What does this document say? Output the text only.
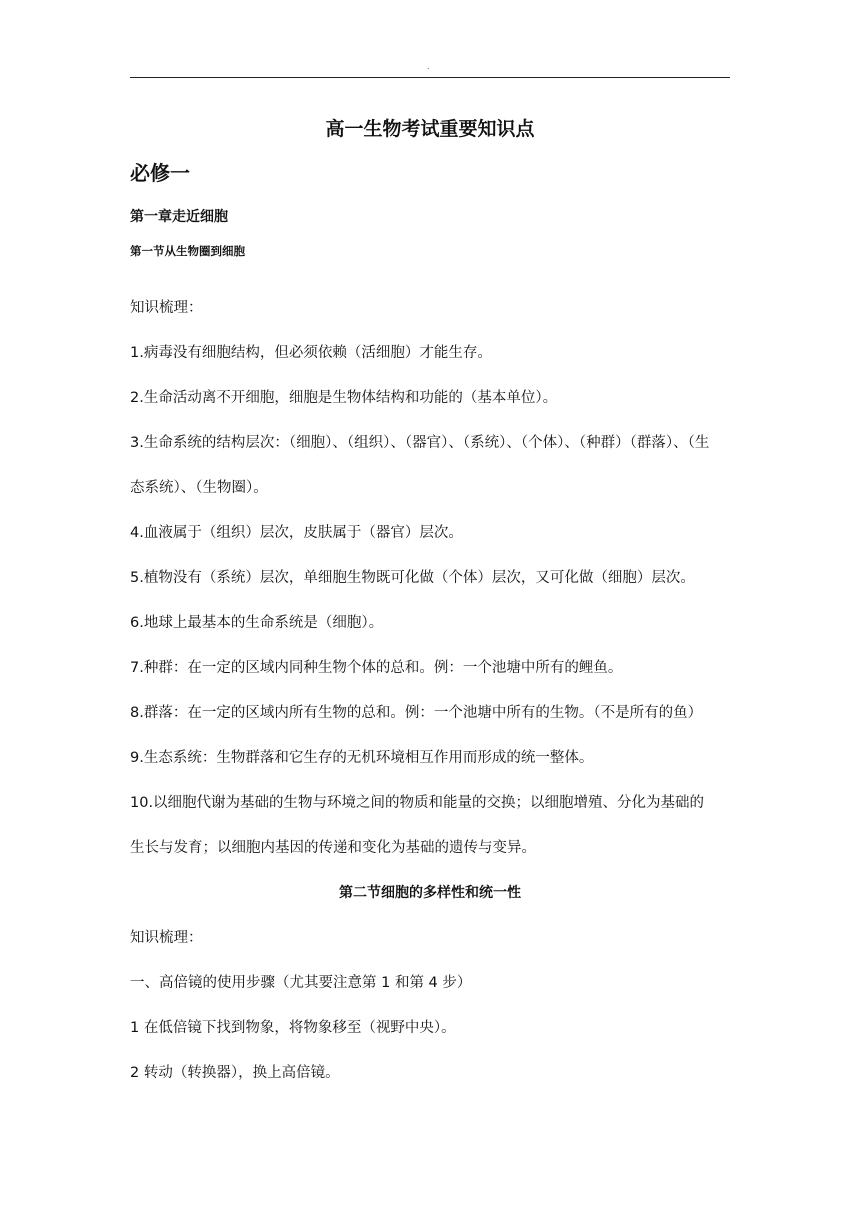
.
高一生物考试重要知识点
必修一
第一章走近细胞
第一节从生物圈到细胞
知识梳理：
1.病毒没有细胞结构，但必须依赖（活细胞）才能生存。
2.生命活动离不开细胞，细胞是生物体结构和功能的（基本单位）。
3.生命系统的结构层次：（细胞）、（组织）、（器官）、（系统）、（个体）、（种群）（群落）、（生
态系统）、（生物圈）。
4.血液属于（组织）层次，皮肤属于（器官）层次。
5.植物没有（系统）层次，单细胞生物既可化做（个体）层次，又可化做（细胞）层次。
6.地球上最基本的生命系统是（细胞）。
7.种群：在一定的区域内同种生物个体的总和。例：一个池塘中所有的鲤鱼。
8.群落：在一定的区域内所有生物的总和。例：一个池塘中所有的生物。（不是所有的鱼）
9.生态系统：生物群落和它生存的无机环境相互作用而形成的统一整体。
10.以细胞代谢为基础的生物与环境之间的物质和能量的交换；以细胞增殖、分化为基础的
生长与发育；以细胞内基因的传递和变化为基础的遗传与变异。
第二节细胞的多样性和统一性
知识梳理：
一、高倍镜的使用步骤（尤其要注意第 1 和第 4 步）
1 在低倍镜下找到物象，将物象移至（视野中央）。
2 转动（转换器），换上高倍镜。
